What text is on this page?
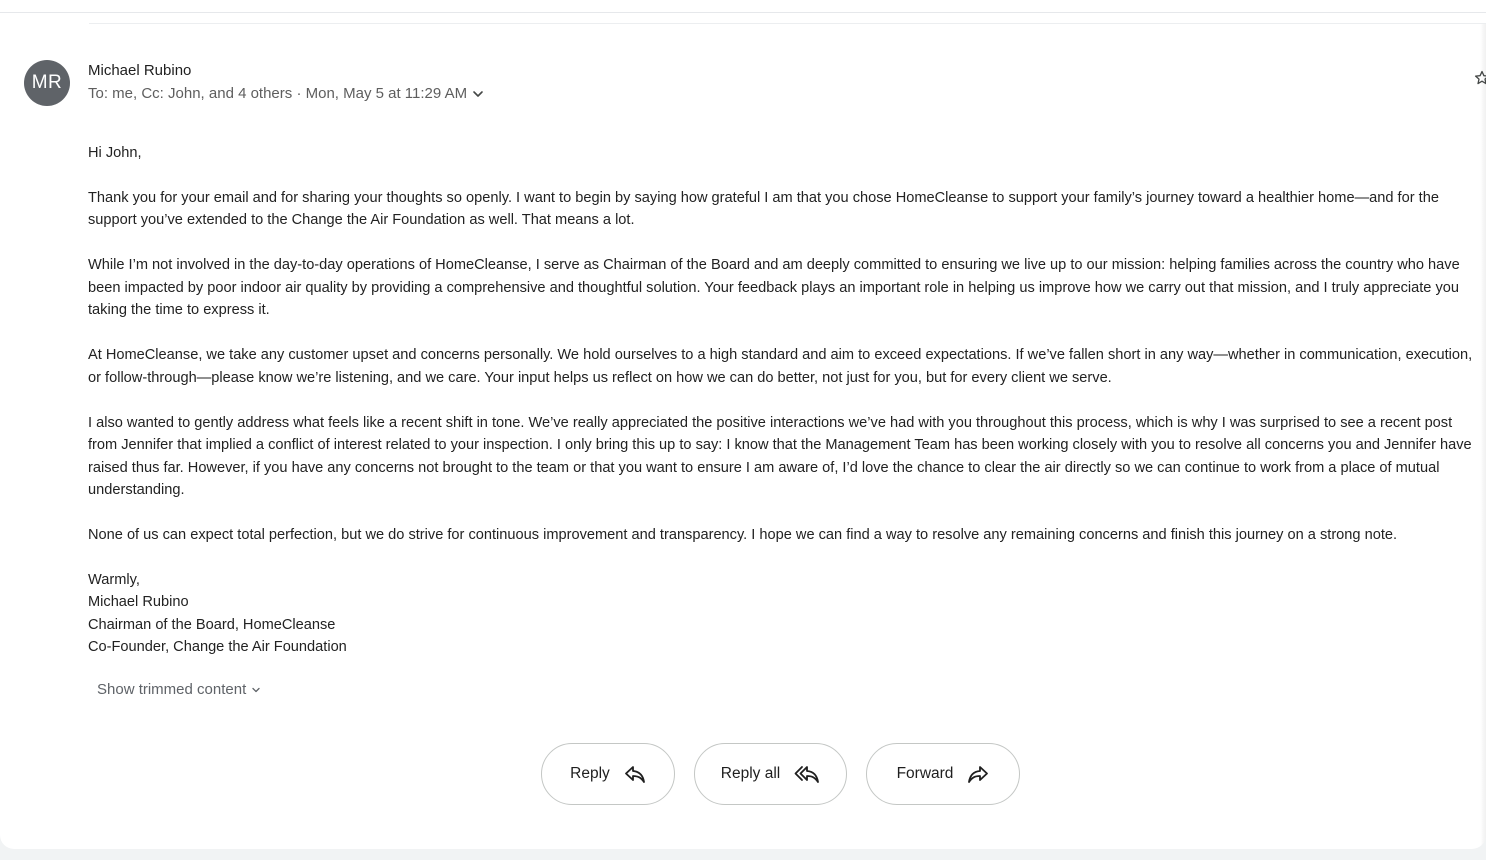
MR
Michael Rubino
To: me, Cc: John, and 4 others · Mon, May 5 at 11:29 AM

Hi John,

Thank you for your email and for sharing your thoughts so openly. I want to begin by saying how grateful I am that you chose HomeCleanse to support your family’s journey toward a healthier home—and for the support you’ve extended to the Change the Air Foundation as well. That means a lot.

While I’m not involved in the day-to-day operations of HomeCleanse, I serve as Chairman of the Board and am deeply committed to ensuring we live up to our mission: helping families across the country who have been impacted by poor indoor air quality by providing a comprehensive and thoughtful solution. Your feedback plays an important role in helping us improve how we carry out that mission, and I truly appreciate you taking the time to express it.

At HomeCleanse, we take any customer upset and concerns personally. We hold ourselves to a high standard and aim to exceed expectations. If we’ve fallen short in any way—whether in communication, execution, or follow-through—please know we’re listening, and we care. Your input helps us reflect on how we can do better, not just for you, but for every client we serve.

I also wanted to gently address what feels like a recent shift in tone. We’ve really appreciated the positive interactions we’ve had with you throughout this process, which is why I was surprised to see a recent post from Jennifer that implied a conflict of interest related to your inspection. I only bring this up to say: I know that the Management Team has been working closely with you to resolve all concerns you and Jennifer have raised thus far. However, if you have any concerns not brought to the team or that you want to ensure I am aware of, I’d love the chance to clear the air directly so we can continue to work from a place of mutual understanding.

None of us can expect total perfection, but we do strive for continuous improvement and transparency. I hope we can find a way to resolve any remaining concerns and finish this journey on a strong note.

Warmly,
Michael Rubino
Chairman of the Board, HomeCleanse
Co-Founder, Change the Air Foundation
Show trimmed content
Reply	Reply all	Forward
